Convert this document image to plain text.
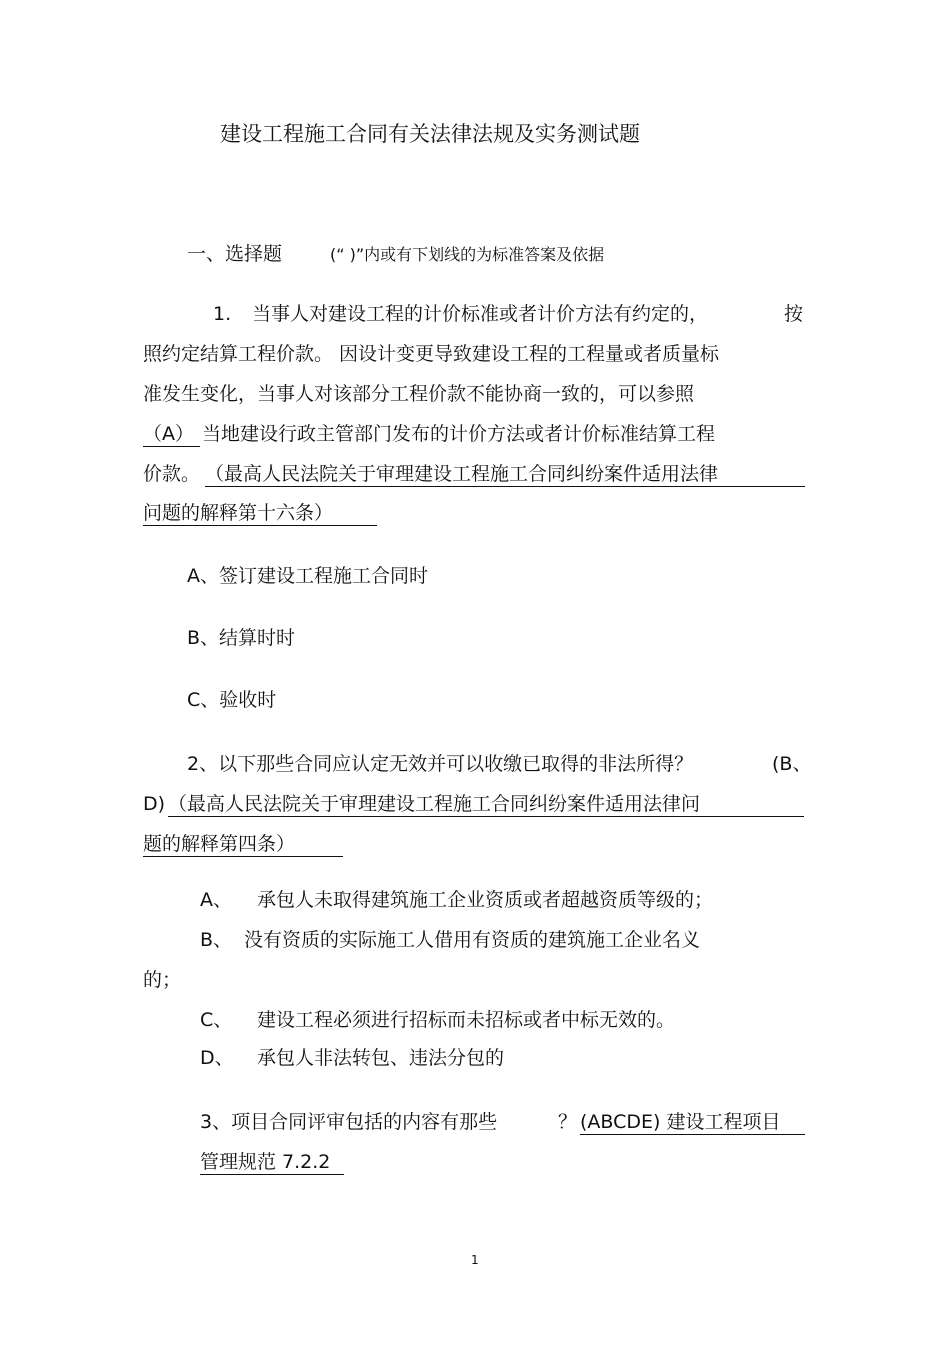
建设工程施工合同有关法律法规及实务测试题
一、选择题	(“ )”内或有下划线的为标准答案及依据
1. 当事人对建设工程的计价标准或者计价方法有约定的，	按
照约定结算工程价款。 因设计变更导致建设工程的工程量或者质量标
准发生变化，当事人对该部分工程价款不能协商一致的，可以参照
（A） 当地建设行政主管部门发布的计价方法或者计价标准结算工程
价款。 （最高人民法院关于审理建设工程施工合同纠纷案件适用法律
问题的解释第十六条）
A、签订建设工程施工合同时
B、结算时时
C、验收时
2、以下那些合同应认定无效并可以收缴已取得的非法所得？	(B、
D) （最高人民法院关于审理建设工程施工合同纠纷案件适用法律问
题的解释第四条）
A、 承包人未取得建筑施工企业资质或者超越资质等级的；
B、 没有资质的实际施工人借用有资质的建筑施工企业名义
的；
C、 建设工程必须进行招标而未招标或者中标无效的。
D、 承包人非法转包、违法分包的
3、项目合同评审包括的内容有那些	？ (ABCDE) 建设工程项目
管理规范 7.2.2
1
